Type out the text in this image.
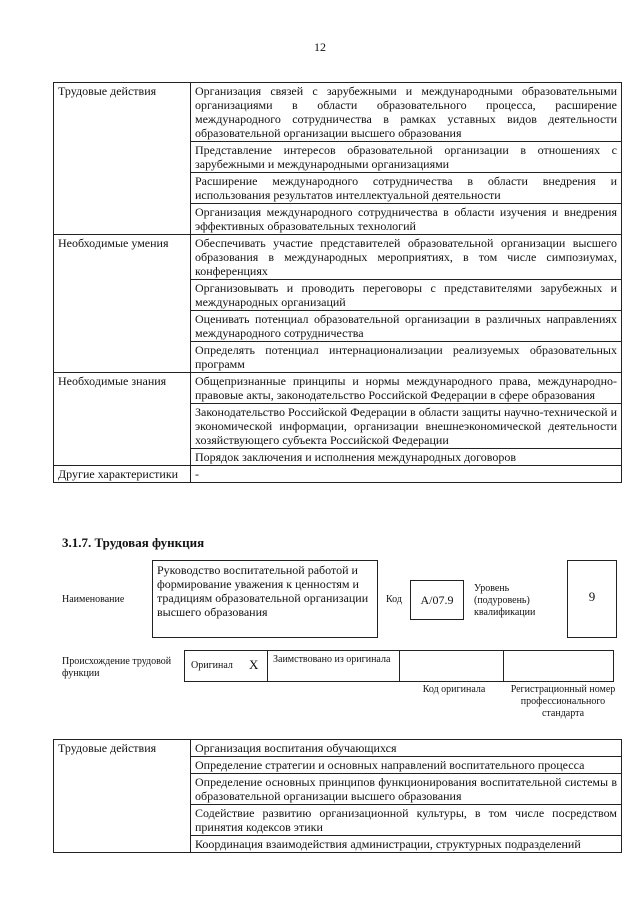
12
Трудовые действия	Организация связей с зарубежными и международными образовательными организациями в области образовательного процесса, расширение международного сотрудничества в рамках уставных видов деятельности образовательной организации высшего образования
	Представление интересов образовательной организации в отношениях с зарубежными и международными организациями
	Расширение международного сотрудничества в области внедрения и использования результатов интеллектуальной деятельности
	Организация международного сотрудничества в области изучения и внедрения эффективных образовательных технологий
Необходимые умения	Обеспечивать участие представителей образовательной организации высшего образования в международных мероприятиях, в том числе симпозиумах, конференциях
	Организовывать и проводить переговоры с представителями зарубежных и международных организаций
	Оценивать потенциал образовательной организации в различных направлениях международного сотрудничества
	Определять потенциал интернационализации реализуемых образовательных программ
Необходимые знания	Общепризнанные принципы и нормы международного права, международно-правовые акты, законодательство Российской Федерации в сфере образования
	Законодательство Российской Федерации в области защиты научно-технической и экономической информации, организации внешнеэкономической деятельности хозяйствующего субъекта Российской Федерации
	Порядок заключения и исполнения международных договоров
Другие характеристики	-
3.1.7. Трудовая функция
Наименование
Руководство воспитательной работой и формирование уважения к ценностям и традициям образовательной организации высшего образования
Код	А/07.9
Уровень (подуровень) квалификации
9
Происхождение трудовой функции
Оригинал X Заимствовано из оригинала
Код оригинала	Регистрационный номер профессионального стандарта
Трудовые действия	Организация воспитания обучающихся
Определение стратегии и основных направлений воспитательного процесса
Определение основных принципов функционирования воспитательной системы в образовательной организации высшего образования
Содействие развитию организационной культуры, в том числе посредством принятия кодексов этики
Координация взаимодействия администрации, структурных подразделений
